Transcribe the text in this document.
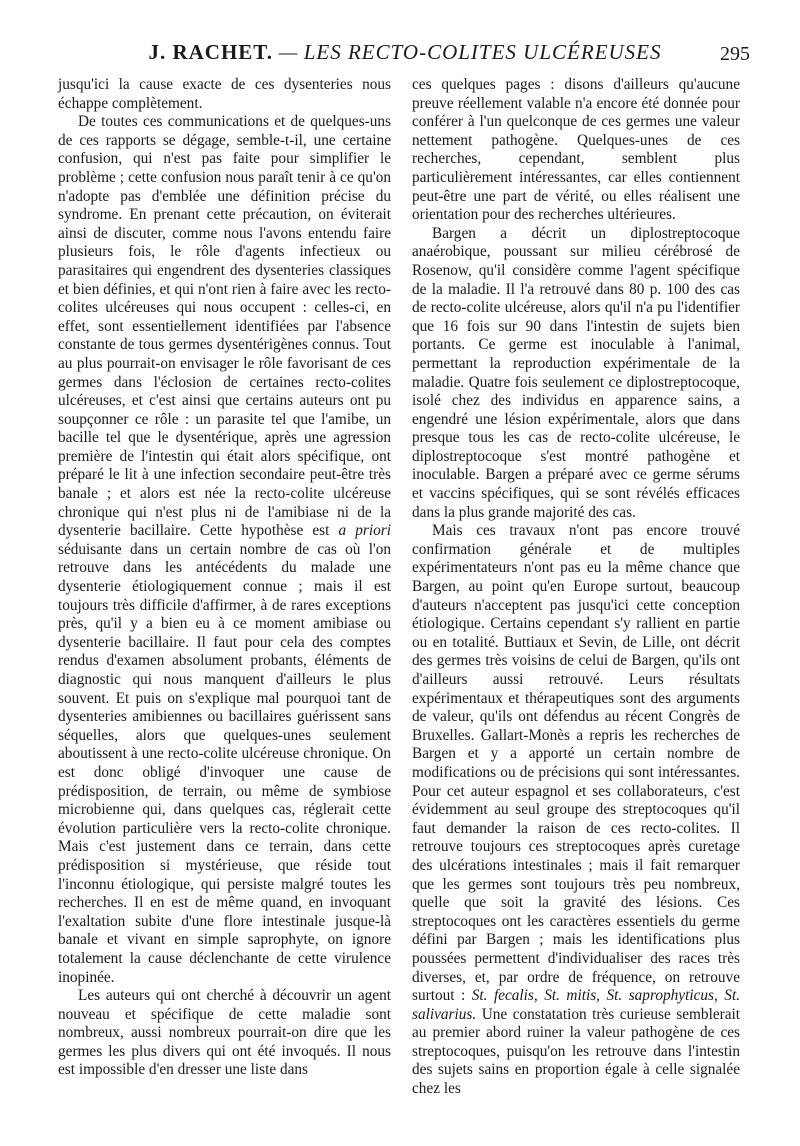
J. RACHET. — LES RECTO-COLITES ULCÉREUSES	295

jusqu'ici la cause exacte de ces dysenteries nous échappe complètement.

De toutes ces communications et de quelques-uns de ces rapports se dégage, semble-t-il, une certaine confusion, qui n'est pas faite pour simplifier le problème ; cette confusion nous paraît tenir à ce qu'on n'adopte pas d'emblée une définition précise du syndrome. En prenant cette précaution, on éviterait ainsi de discuter, comme nous l'avons entendu faire plusieurs fois, le rôle d'agents infectieux ou parasitaires qui engendrent des dysenteries classiques et bien définies, et qui n'ont rien à faire avec les recto-colites ulcéreuses qui nous occupent : celles-ci, en effet, sont essentiellement identifiées par l'absence constante de tous germes dysentérigènes connus. Tout au plus pourrait-on envisager le rôle favorisant de ces germes dans l'éclosion de certaines recto-colites ulcéreuses, et c'est ainsi que certains auteurs ont pu soupçonner ce rôle : un parasite tel que l'amibe, un bacille tel que le dysentérique, après une agression première de l'intestin qui était alors spécifique, ont préparé le lit à une infection secondaire peut-être très banale ; et alors est née la recto-colite ulcéreuse chronique qui n'est plus ni de l'amibiase ni de la dysenterie bacillaire. Cette hypothèse est a priori séduisante dans un certain nombre de cas où l'on retrouve dans les antécédents du malade une dysenterie étiologiquement connue ; mais il est toujours très difficile d'affirmer, à de rares exceptions près, qu'il y a bien eu à ce moment amibiase ou dysenterie bacillaire. Il faut pour cela des comptes rendus d'examen absolument probants, éléments de diagnostic qui nous manquent d'ailleurs le plus souvent. Et puis on s'explique mal pourquoi tant de dysenteries amibiennes ou bacillaires guérissent sans séquelles, alors que quelques-unes seulement aboutissent à une recto-colite ulcéreuse chronique. On est donc obligé d'invoquer une cause de prédisposition, de terrain, ou même de symbiose microbienne qui, dans quelques cas, réglerait cette évolution particulière vers la recto-colite chronique. Mais c'est justement dans ce terrain, dans cette prédisposition si mystérieuse, que réside tout l'inconnu étiologique, qui persiste malgré toutes les recherches. Il en est de même quand, en invoquant l'exaltation subite d'une flore intestinale jusque-là banale et vivant en simple saprophyte, on ignore totalement la cause déclenchante de cette virulence inopinée.

Les auteurs qui ont cherché à découvrir un agent nouveau et spécifique de cette maladie sont nombreux, aussi nombreux pourrait-on dire que les germes les plus divers qui ont été invoqués. Il nous est impossible d'en dresser une liste dans

ces quelques pages : disons d'ailleurs qu'aucune preuve réellement valable n'a encore été donnée pour conférer à l'un quelconque de ces germes une valeur nettement pathogène. Quelques-unes de ces recherches, cependant, semblent plus particulièrement intéressantes, car elles contiennent peut-être une part de vérité, ou elles réalisent une orientation pour des recherches ultérieures.

Bargen a décrit un diplostreptocoque anaérobique, poussant sur milieu cérébrosé de Rosenow, qu'il considère comme l'agent spécifique de la maladie. Il l'a retrouvé dans 80 p. 100 des cas de recto-colite ulcéreuse, alors qu'il n'a pu l'identifier que 16 fois sur 90 dans l'intestin de sujets bien portants. Ce germe est inoculable à l'animal, permettant la reproduction expérimentale de la maladie. Quatre fois seulement ce diplostreptocoque, isolé chez des individus en apparence sains, a engendré une lésion expérimentale, alors que dans presque tous les cas de recto-colite ulcéreuse, le diplostreptocoque s'est montré pathogène et inoculable. Bargen a préparé avec ce germe sérums et vaccins spécifiques, qui se sont révélés efficaces dans la plus grande majorité des cas.

Mais ces travaux n'ont pas encore trouvé confirmation générale et de multiples expérimentateurs n'ont pas eu la même chance que Bargen, au point qu'en Europe surtout, beaucoup d'auteurs n'acceptent pas jusqu'ici cette conception étiologique. Certains cependant s'y rallient en partie ou en totalité. Buttiaux et Sevin, de Lille, ont décrit des germes très voisins de celui de Bargen, qu'ils ont d'ailleurs aussi retrouvé. Leurs résultats expérimentaux et thérapeutiques sont des arguments de valeur, qu'ils ont défendus au récent Congrès de Bruxelles. Gallart-Monès a repris les recherches de Bargen et y a apporté un certain nombre de modifications ou de précisions qui sont intéressantes. Pour cet auteur espagnol et ses collaborateurs, c'est évidemment au seul groupe des streptocoques qu'il faut demander la raison de ces recto-colites. Il retrouve toujours ces streptocoques après curetage des ulcérations intestinales ; mais il fait remarquer que les germes sont toujours très peu nombreux, quelle que soit la gravité des lésions. Ces streptocoques ont les caractères essentiels du germe défini par Bargen ; mais les identifications plus poussées permettent d'individualiser des races très diverses, et, par ordre de fréquence, on retrouve surtout : St. fecalis, St. mitis, St. saprophyticus, St. salivarius. Une constatation très curieuse semblerait au premier abord ruiner la valeur pathogène de ces streptocoques, puisqu'on les retrouve dans l'intestin des sujets sains en proportion égale à celle signalée chez les
